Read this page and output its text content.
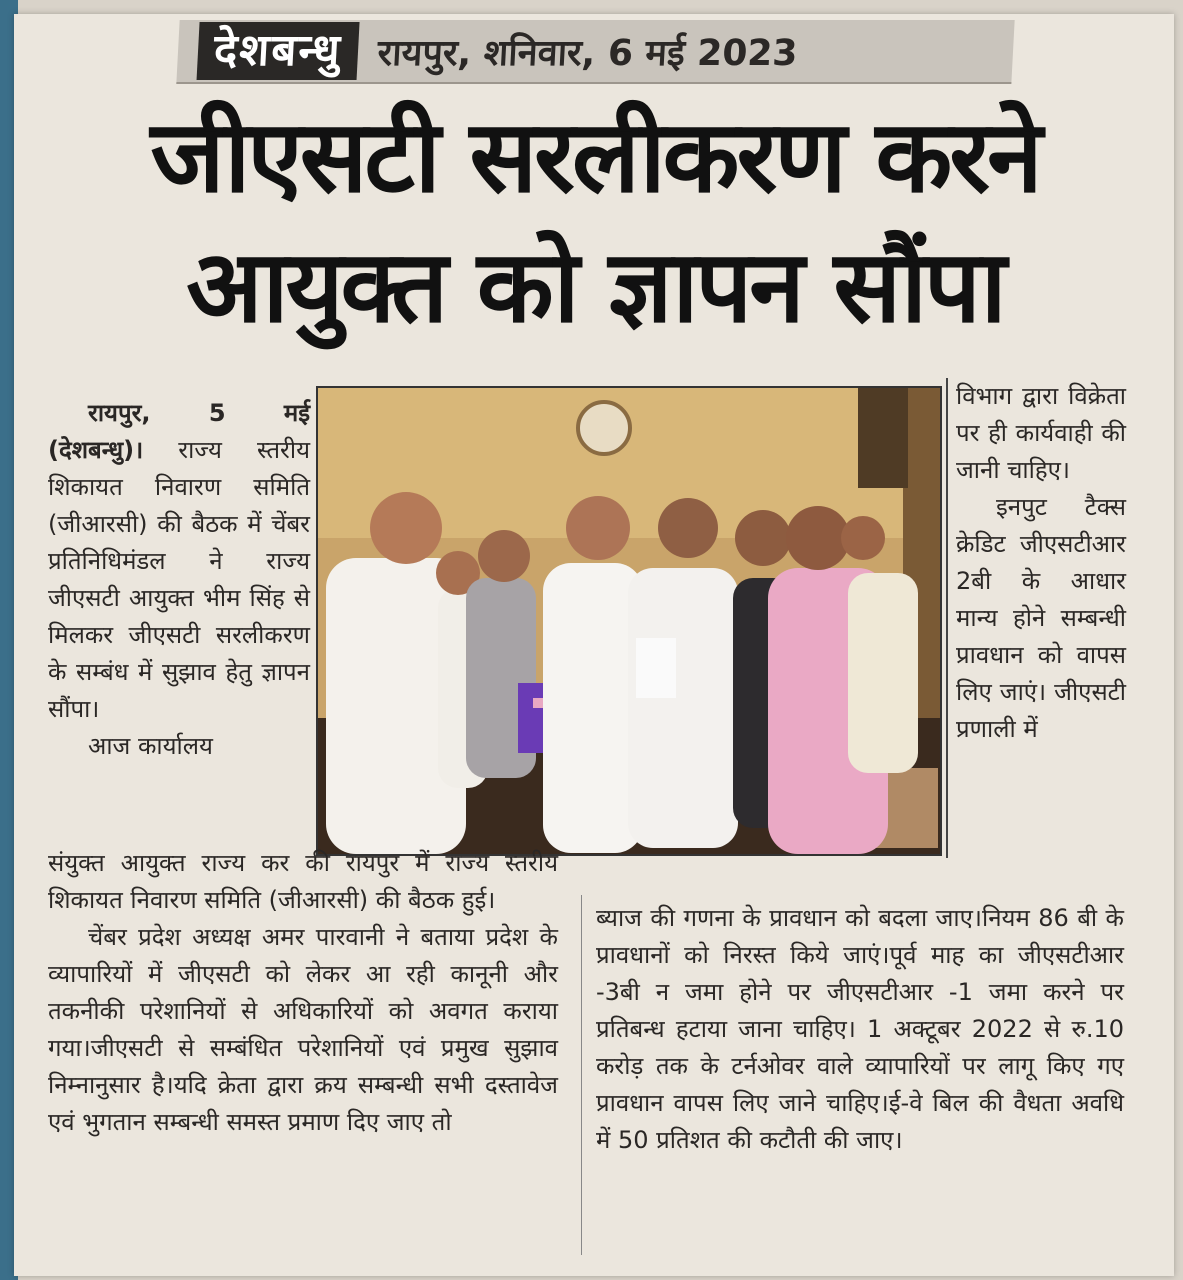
देशबन्धु रायपुर, शनिवार, 6 मई 2023
जीएसटी सरलीकरण करने
आयुक्त को ज्ञापन सौंपा

रायपुर, 5 मई (देशबन्धु)। राज्य स्तरीय शिकायत निवारण समिति (जीआरसी) की बैठक में चेंबर प्रतिनिधिमंडल ने राज्य जीएसटी आयुक्त भीम सिंह से मिलकर जीएसटी सरलीकरण के सम्बंध में सुझाव हेतु ज्ञापन सौंपा।

आज कार्यालय

विभाग द्वारा विक्रेता पर ही कार्यवाही की जानी चाहिए।

इनपुट टैक्स क्रेडिट जीएसटीआर 2बी के आधार मान्य होने सम्बन्धी प्रावधान को वापस लिए जाएं। जीएसटी प्रणाली में

संयुक्त आयुक्त राज्य कर की रायपुर में राज्य स्तरीय शिकायत निवारण समिति (जीआरसी) की बैठक हुई।

चेंबर प्रदेश अध्यक्ष अमर पारवानी ने बताया प्रदेश के व्यापारियों में जीएसटी को लेकर आ रही कानूनी और तकनीकी परेशानियों से अधिकारियों को अवगत कराया गया।जीएसटी से सम्बंधित परेशानियों एवं प्रमुख सुझाव निम्नानुसार है।यदि क्रेता द्वारा क्रय सम्बन्धी सभी दस्तावेज एवं भुगतान सम्बन्धी समस्त प्रमाण दिए जाए तो

ब्याज की गणना के प्रावधान को बदला जाए।नियम 86 बी के प्रावधानों को निरस्त किये जाएं।पूर्व माह का जीएसटीआर -3बी न जमा होने पर जीएसटीआर -1 जमा करने पर प्रतिबन्ध हटाया जाना चाहिए। 1 अक्टूबर 2022 से रु.10 करोड़ तक के टर्नओवर वाले व्यापारियों पर लागू किए गए प्रावधान वापस लिए जाने चाहिए।ई-वे बिल की वैधता अवधि में 50 प्रतिशत की कटौती की जाए।
